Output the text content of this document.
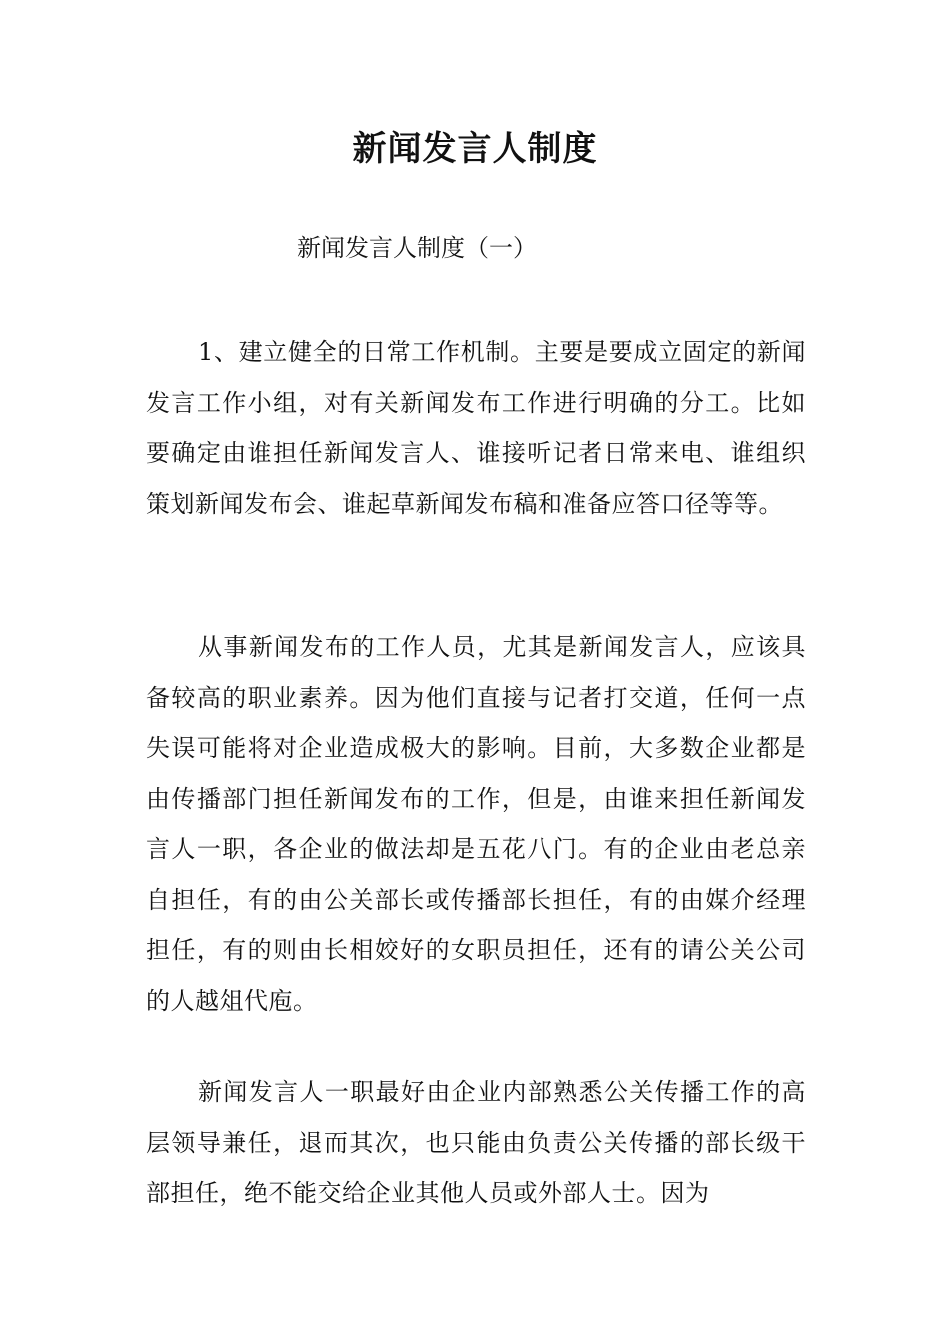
新闻发言人制度
新闻发言人制度（一）

1、建立健全的日常工作机制。主要是要成立固定的新闻发言工作小组，对有关新闻发布工作进行明确的分工。比如要确定由谁担任新闻发言人、谁接听记者日常来电、谁组织策划新闻发布会、谁起草新闻发布稿和准备应答口径等等。

从事新闻发布的工作人员，尤其是新闻发言人，应该具备较高的职业素养。因为他们直接与记者打交道，任何一点失误可能将对企业造成极大的影响。目前，大多数企业都是由传播部门担任新闻发布的工作，但是，由谁来担任新闻发言人一职，各企业的做法却是五花八门。有的企业由老总亲自担任，有的由公关部长或传播部长担任，有的由媒介经理担任，有的则由长相姣好的女职员担任，还有的请公关公司的人越俎代庖。

新闻发言人一职最好由企业内部熟悉公关传播工作的高层领导兼任，退而其次，也只能由负责公关传播的部长级干部担任，绝不能交给企业其他人员或外部人士。因为
